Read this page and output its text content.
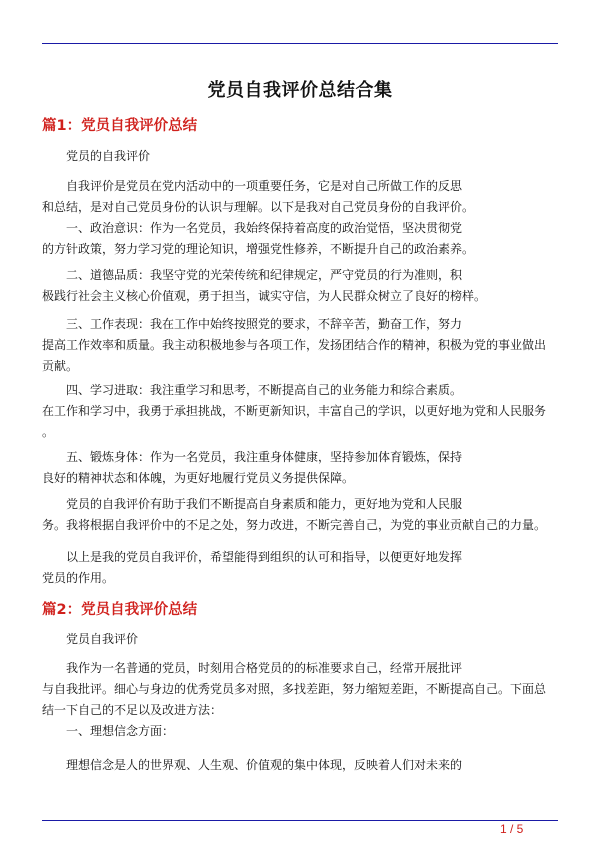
党员自我评价总结合集
篇1：党员自我评价总结
党员的自我评价
自我评价是党员在党内活动中的一项重要任务，它是对自己所做工作的反思
和总结，是对自己党员身份的认识与理解。以下是我对自己党员身份的自我评价。
一、政治意识：作为一名党员，我始终保持着高度的政治觉悟，坚决贯彻党
的方针政策，努力学习党的理论知识，增强党性修养，不断提升自己的政治素养。
二、道德品质：我坚守党的光荣传统和纪律规定，严守党员的行为准则，积
极践行社会主义核心价值观，勇于担当，诚实守信，为人民群众树立了良好的榜样。
三、工作表现：我在工作中始终按照党的要求，不辞辛苦，勤奋工作，努力
提高工作效率和质量。我主动积极地参与各项工作，发扬团结合作的精神，积极为党的事业做出
贡献。
四、学习进取：我注重学习和思考，不断提高自己的业务能力和综合素质。
在工作和学习中，我勇于承担挑战，不断更新知识，丰富自己的学识，以更好地为党和人民服务
。
五、锻炼身体：作为一名党员，我注重身体健康，坚持参加体育锻炼，保持
良好的精神状态和体魄，为更好地履行党员义务提供保障。
党员的自我评价有助于我们不断提高自身素质和能力，更好地为党和人民服
务。我将根据自我评价中的不足之处，努力改进，不断完善自己，为党的事业贡献自己的力量。
以上是我的党员自我评价，希望能得到组织的认可和指导，以便更好地发挥
党员的作用。
篇2：党员自我评价总结
党员自我评价
我作为一名普通的党员，时刻用合格党员的的标准要求自己，经常开展批评
与自我批评。细心与身边的优秀党员多对照，多找差距，努力缩短差距，不断提高自己。下面总
结一下自己的不足以及改进方法：
一、理想信念方面：
理想信念是人的世界观、人生观、价值观的集中体现，反映着人们对未来的
1 / 5
